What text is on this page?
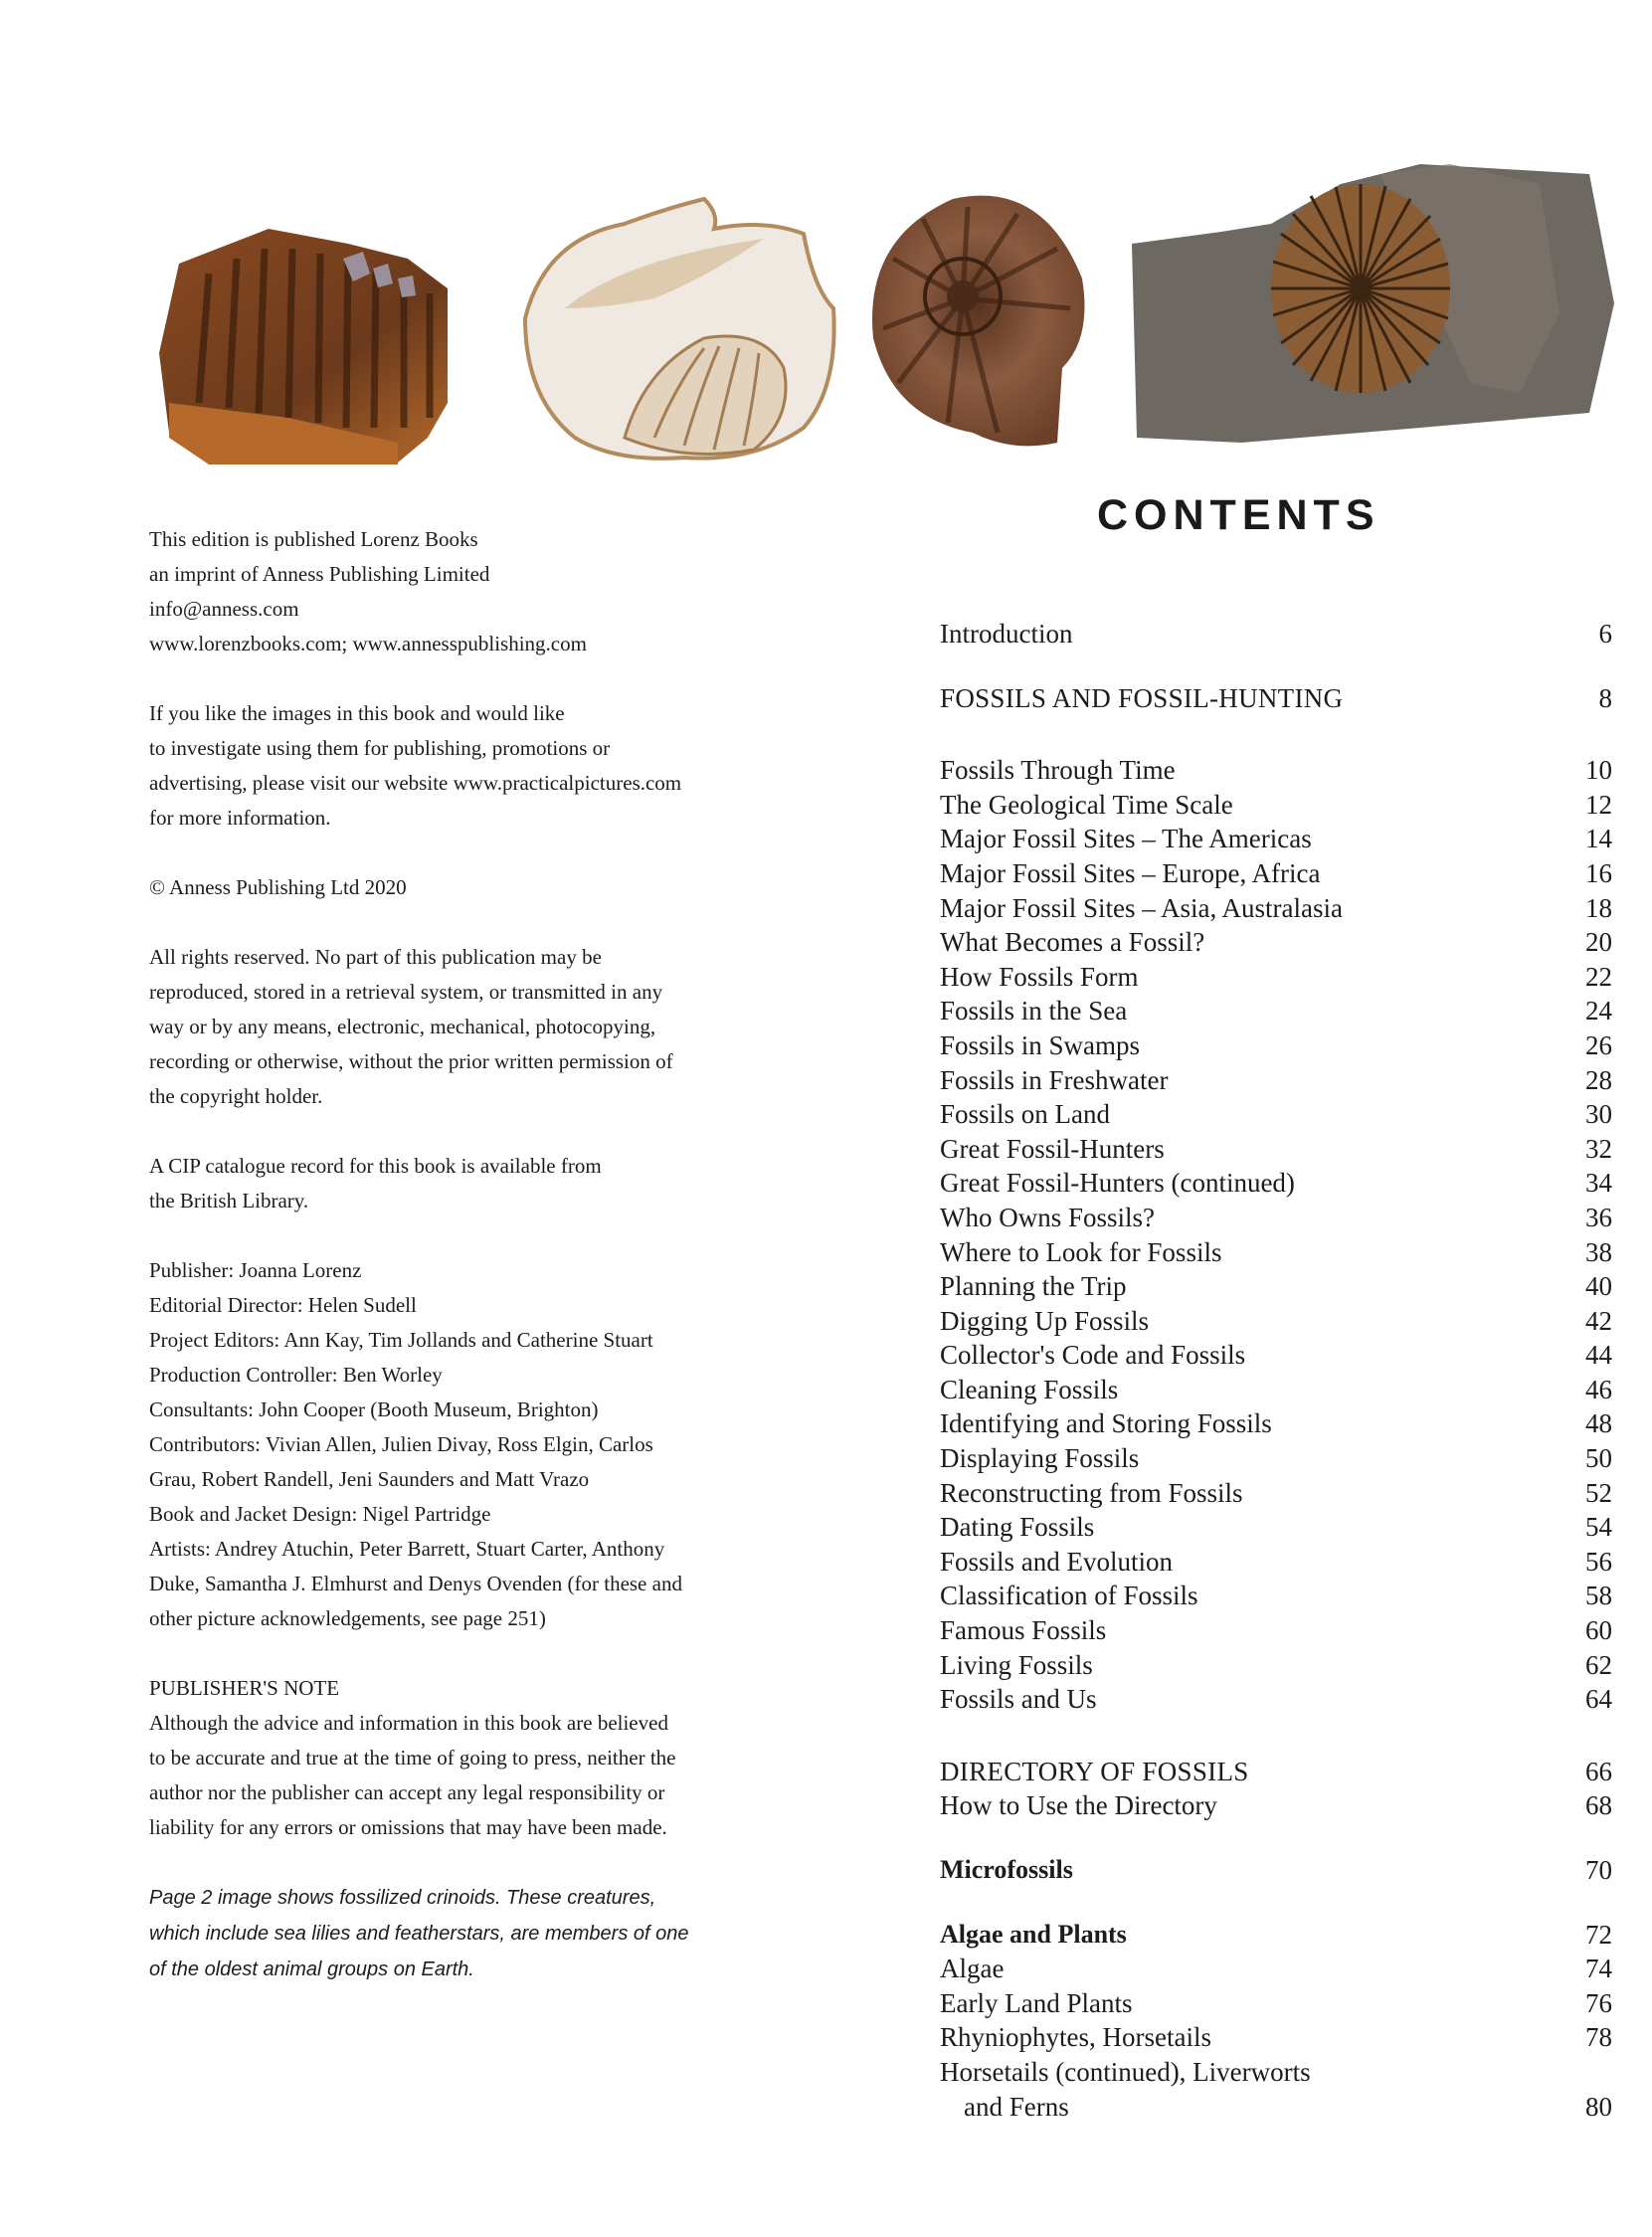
This edition is published Lorenz Books
an imprint of Anness Publishing Limited
info@anness.com
www.lorenzbooks.com; www.annesspublishing.com

If you like the images in this book and would like
to investigate using them for publishing, promotions or
advertising, please visit our website www.practicalpictures.com
for more information.

© Anness Publishing Ltd 2020

All rights reserved. No part of this publication may be
reproduced, stored in a retrieval system, or transmitted in any
way or by any means, electronic, mechanical, photocopying,
recording or otherwise, without the prior written permission of
the copyright holder.

A CIP catalogue record for this book is available from
the British Library.

Publisher: Joanna Lorenz
Editorial Director: Helen Sudell
Project Editors: Ann Kay, Tim Jollands and Catherine Stuart
Production Controller: Ben Worley
Consultants: John Cooper (Booth Museum, Brighton)
Contributors: Vivian Allen, Julien Divay, Ross Elgin, Carlos
Grau, Robert Randell, Jeni Saunders and Matt Vrazo
Book and Jacket Design: Nigel Partridge
Artists: Andrey Atuchin, Peter Barrett, Stuart Carter, Anthony
Duke, Samantha J. Elmhurst and Denys Ovenden (for these and
other picture acknowledgements, see page 251)

PUBLISHER'S NOTE
Although the advice and information in this book are believed
to be accurate and true at the time of going to press, neither the
author nor the publisher can accept any legal responsibility or
liability for any errors or omissions that may have been made.

Page 2 image shows fossilized crinoids. These creatures,
which include sea lilies and featherstars, are members of one
of the oldest animal groups on Earth.

CONTENTS
Introduction	6
FOSSILS AND FOSSIL-HUNTING	8
Fossils Through Time	10
The Geological Time Scale	12
Major Fossil Sites – The Americas	14
Major Fossil Sites – Europe, Africa	16
Major Fossil Sites – Asia, Australasia	18
What Becomes a Fossil?	20
How Fossils Form	22
Fossils in the Sea	24
Fossils in Swamps	26
Fossils in Freshwater	28
Fossils on Land	30
Great Fossil-Hunters	32
Great Fossil-Hunters (continued)	34
Who Owns Fossils?	36
Where to Look for Fossils	38
Planning the Trip	40
Digging Up Fossils	42
Collector's Code and Fossils	44
Cleaning Fossils	46
Identifying and Storing Fossils	48
Displaying Fossils	50
Reconstructing from Fossils	52
Dating Fossils	54
Fossils and Evolution	56
Classification of Fossils	58
Famous Fossils	60
Living Fossils	62
Fossils and Us	64
DIRECTORY OF FOSSILS	66
How to Use the Directory	68
Microfossils	70
Algae and Plants	72
Algae	74
Early Land Plants	76
Rhyniophytes, Horsetails	78
Horsetails (continued), Liverworts
and Ferns	80
